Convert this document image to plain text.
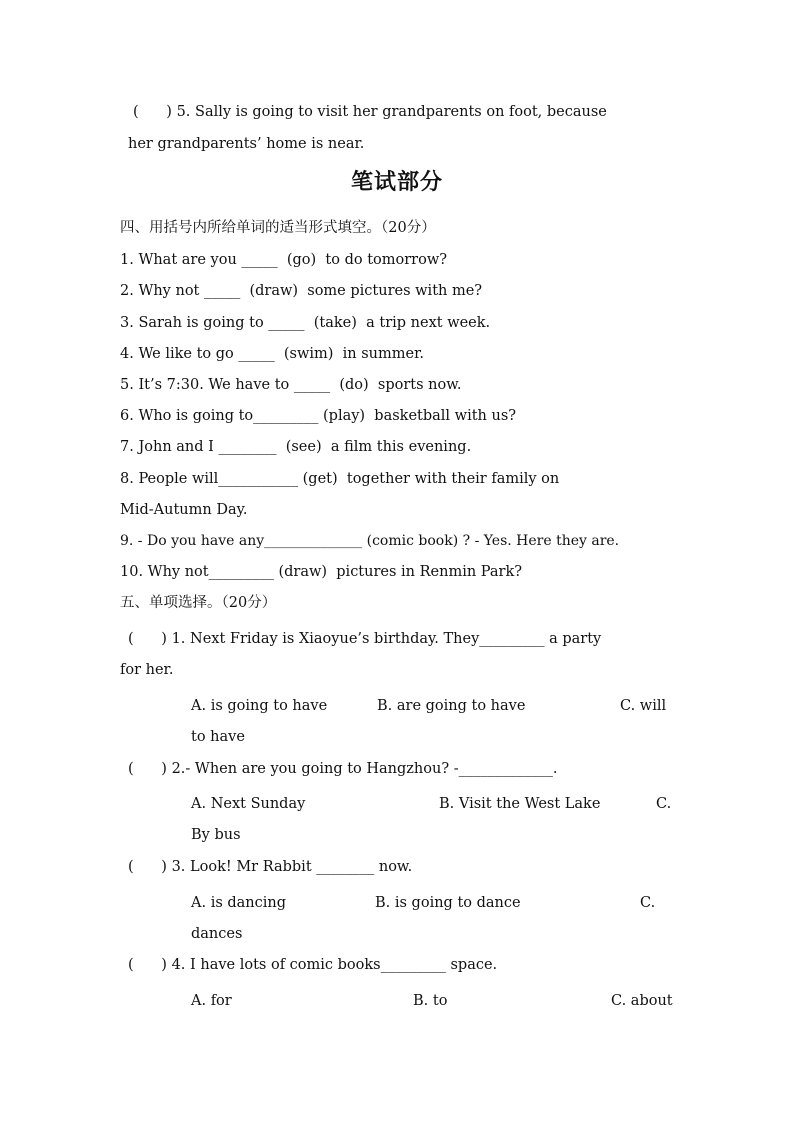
(      ) 5. Sally is going to visit her grandparents on foot, because
her grandparents’ home is near.
笔试部分
四、用括号内所给单词的适当形式填空。（20分）
1. What are you _____  (go)  to do tomorrow?
2. Why not _____  (draw)  some pictures with me?
3. Sarah is going to _____  (take)  a trip next week.
4. We like to go _____  (swim)  in summer.
5. It’s 7:30. We have to _____  (do)  sports now.
6. Who is going to_________ (play)  basketball with us?
7. John and I ________  (see)  a film this evening.
8. People will___________ (get)  together with their family on
Mid-Autumn Day.
9. - Do you have any______________ (comic book) ? - Yes. Here they are.
10. Why not_________ (draw)  pictures in Renmin Park?
五、单项选择。（20分）
(      ) 1. Next Friday is Xiaoyue’s birthday. They_________ a party
for her.
A. is going to have	B. are going to have	C. will
to have
(      ) 2.- When are you going to Hangzhou? -_____________.
A. Next Sunday	B. Visit the West Lake	C.
By bus
(      ) 3. Look! Mr Rabbit ________ now.
A. is dancing	B. is going to dance	C.
dances
(      ) 4. I have lots of comic books_________ space.
A. for	B. to	C. about
